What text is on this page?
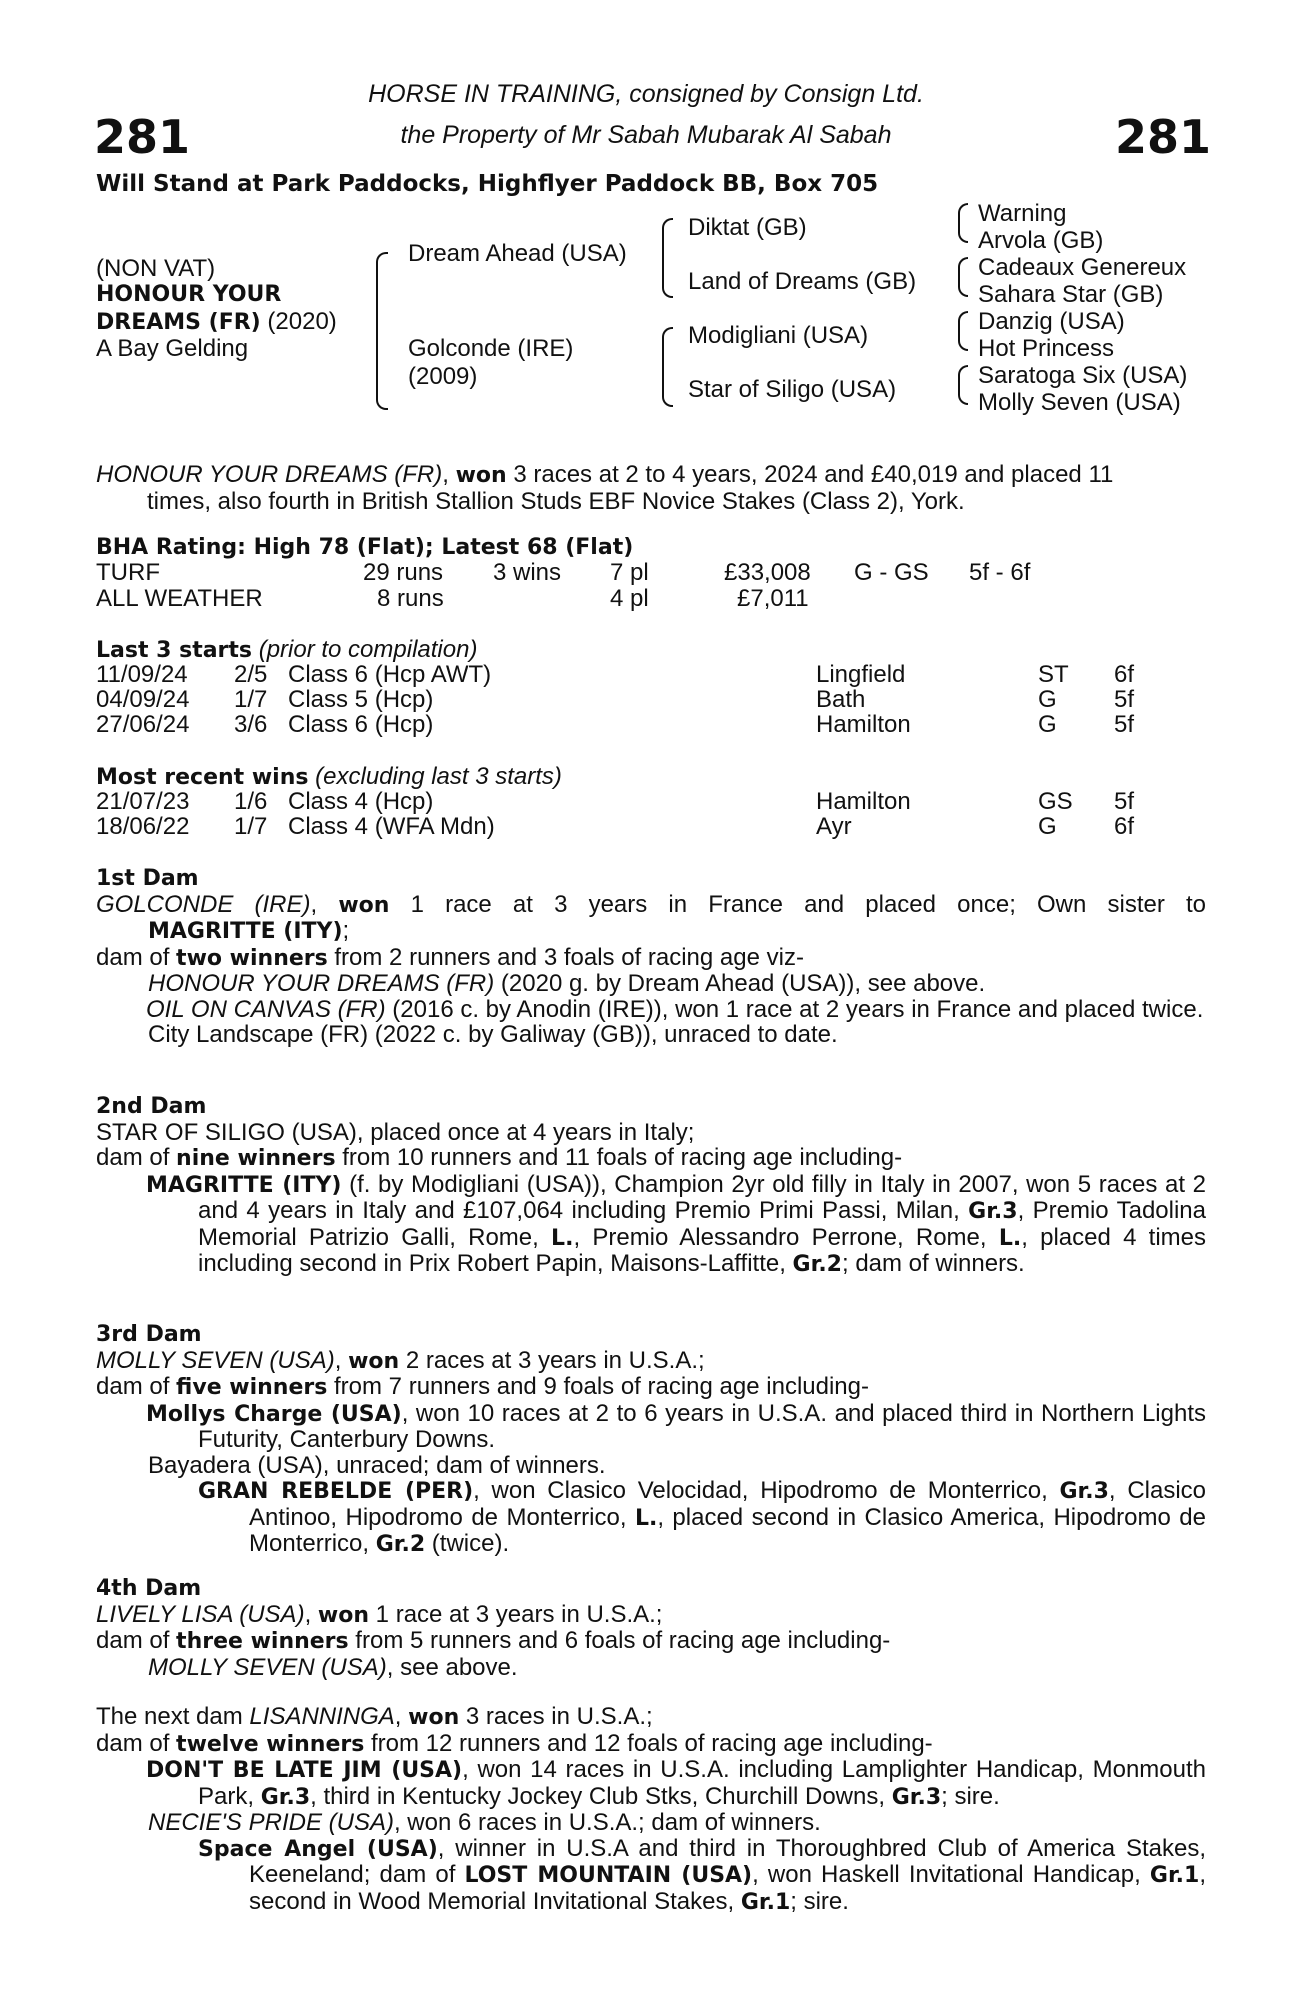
281	281
HORSE IN TRAINING, consigned by Consign Ltd.
the Property of Mr Sabah Mubarak Al Sabah
Will Stand at Park Paddocks, Highflyer Paddock BB, Box 705
(NON VAT)
HONOUR YOUR
DREAMS (FR) (2020)
A Bay Gelding
Dream Ahead (USA)
Golconde (IRE)
(2009)
Diktat (GB)
Land of Dreams (GB)
Modigliani (USA)
Star of Siligo (USA)
Warning
Arvola (GB)
Cadeaux Genereux
Sahara Star (GB)
Danzig (USA)
Hot Princess
Saratoga Six (USA)
Molly Seven (USA)
HONOUR YOUR DREAMS (FR), won 3 races at 2 to 4 years, 2024 and £40,019 and placed 11
times, also fourth in British Stallion Studs EBF Novice Stakes (Class 2), York.
BHA Rating: High 78 (Flat); Latest 68 (Flat)
TURF	29 runs 3 wins 7 pl	£33,008 G - GS 5f - 6f
ALL WEATHER	8 runs	4 pl	£7,011
Last 3 starts (prior to compilation)
11/09/24 2/5 Class 6 (Hcp AWT)	Lingfield	ST 6f
04/09/24 1/7 Class 5 (Hcp)	Bath	G 5f
27/06/24 3/6 Class 6 (Hcp)	Hamilton	G 5f
Most recent wins (excluding last 3 starts)
21/07/23 1/6 Class 4 (Hcp)	Hamilton	GS 5f
18/06/22 1/7 Class 4 (WFA Mdn)	Ayr	G 6f
1st Dam
GOLCONDE (IRE), won 1 race at 3 years in France and placed once; Own sister to
MAGRITTE (ITY);
dam of two winners from 2 runners and 3 foals of racing age viz-
HONOUR YOUR DREAMS (FR) (2020 g. by Dream Ahead (USA)), see above.
OIL ON CANVAS (FR) (2016 c. by Anodin (IRE)), won 1 race at 2 years in France and placed twice.
City Landscape (FR) (2022 c. by Galiway (GB)), unraced to date.
2nd Dam
STAR OF SILIGO (USA), placed once at 4 years in Italy;
dam of nine winners from 10 runners and 11 foals of racing age including-
MAGRITTE (ITY) (f. by Modigliani (USA)), Champion 2yr old filly in Italy in 2007, won 5 races at 2 and 4 years in Italy and £107,064 including Premio Primi Passi, Milan, Gr.3, Premio Tadolina Memorial Patrizio Galli, Rome, L., Premio Alessandro Perrone, Rome, L., placed 4 times including second in Prix Robert Papin, Maisons-Laffitte, Gr.2; dam of winners.
3rd Dam
MOLLY SEVEN (USA), won 2 races at 3 years in U.S.A.;
dam of five winners from 7 runners and 9 foals of racing age including-
Mollys Charge (USA), won 10 races at 2 to 6 years in U.S.A. and placed third in Northern Lights Futurity, Canterbury Downs.
Bayadera (USA), unraced; dam of winners.
GRAN REBELDE (PER), won Clasico Velocidad, Hipodromo de Monterrico, Gr.3, Clasico Antinoo, Hipodromo de Monterrico, L., placed second in Clasico America, Hipodromo de Monterrico, Gr.2 (twice).
4th Dam
LIVELY LISA (USA), won 1 race at 3 years in U.S.A.;
dam of three winners from 5 runners and 6 foals of racing age including-
MOLLY SEVEN (USA), see above.
The next dam LISANNINGA, won 3 races in U.S.A.;
dam of twelve winners from 12 runners and 12 foals of racing age including-
DON'T BE LATE JIM (USA), won 14 races in U.S.A. including Lamplighter Handicap, Monmouth Park, Gr.3, third in Kentucky Jockey Club Stks, Churchill Downs, Gr.3; sire.
NECIE'S PRIDE (USA), won 6 races in U.S.A.; dam of winners.
Space Angel (USA), winner in U.S.A and third in Thoroughbred Club of America Stakes, Keeneland; dam of LOST MOUNTAIN (USA), won Haskell Invitational Handicap, Gr.1, second in Wood Memorial Invitational Stakes, Gr.1; sire.
